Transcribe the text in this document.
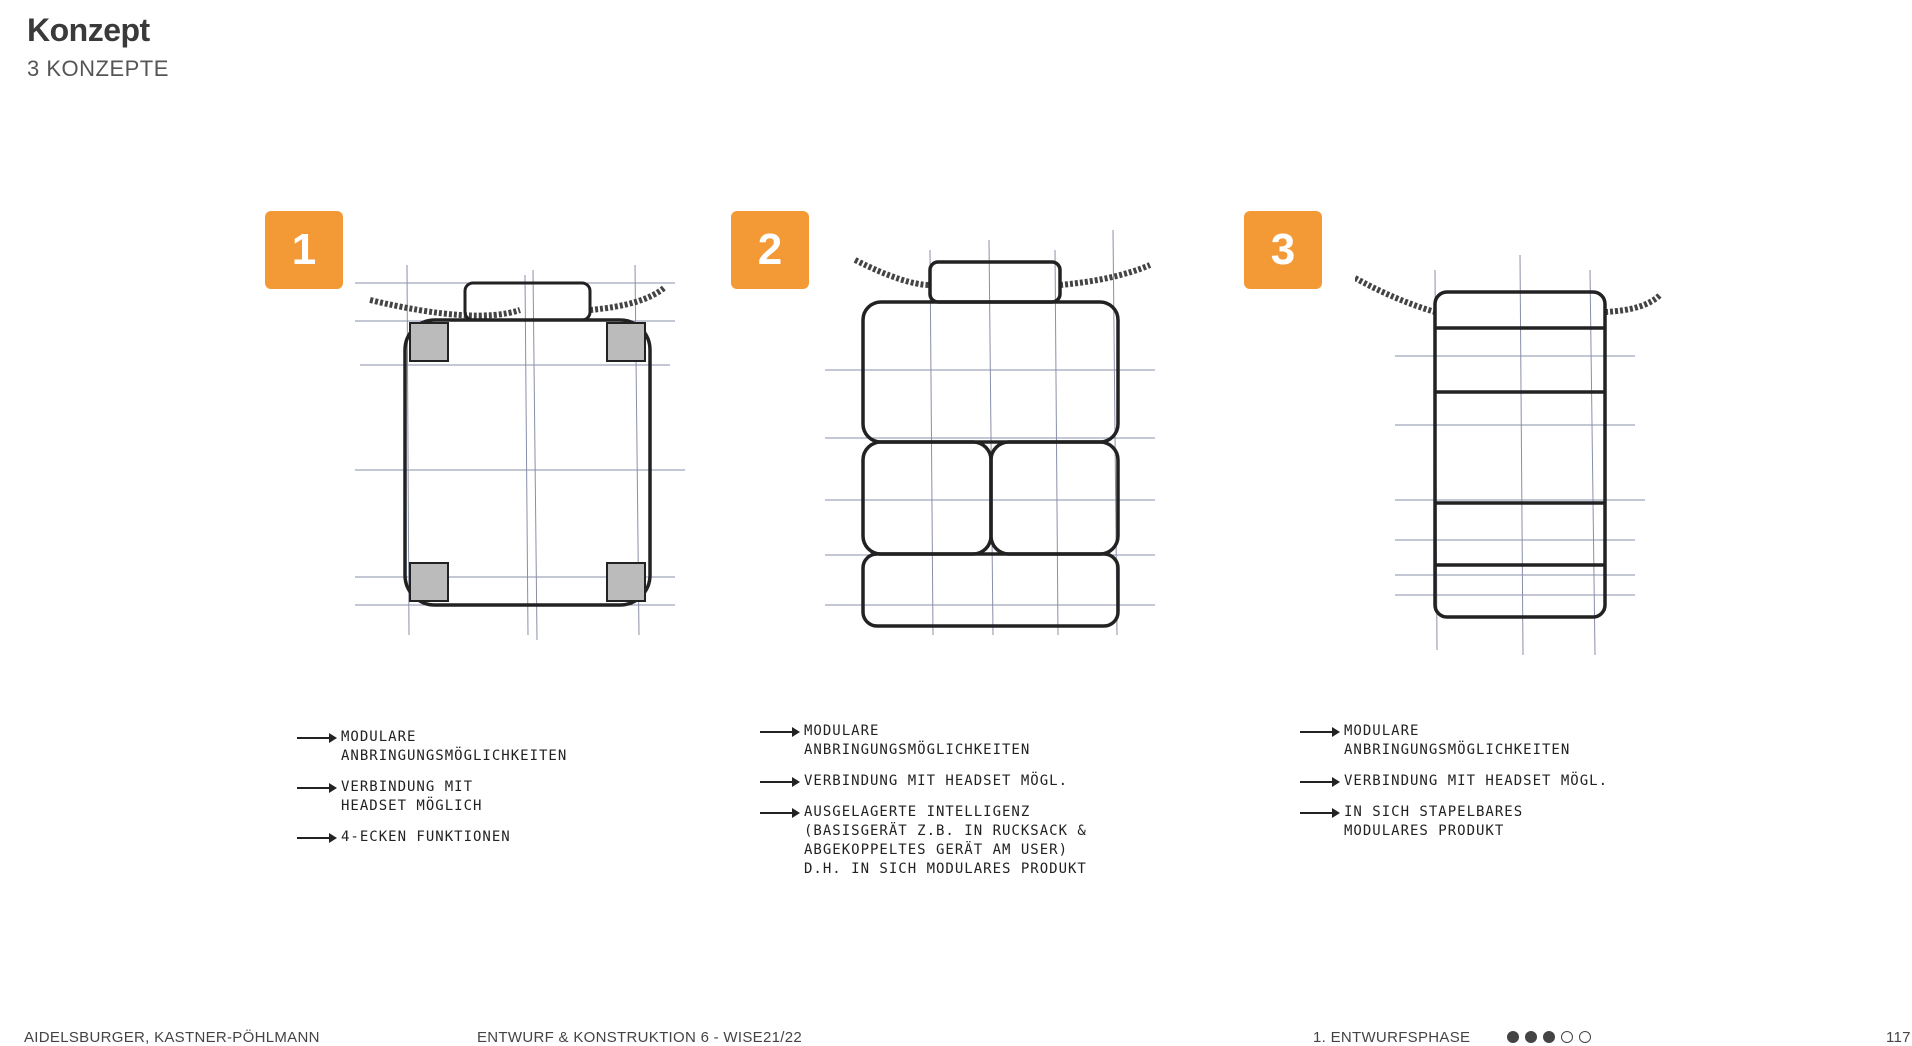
Konzept
3 KONZEPTE
1	2	3
MODULARE
ANBRINGUNGSMÖGLICHKEITEN
VERBINDUNG MIT
HEADSET MÖGLICH
4-ECKEN FUNKTIONEN
MODULARE
ANBRINGUNGSMÖGLICHKEITEN
VERBINDUNG MIT HEADSET MÖGL.
AUSGELAGERTE INTELLIGENZ
(BASISGERÄT Z.B. IN RUCKSACK &
ABGEKOPPELTES GERÄT AM USER)
D.H. IN SICH MODULARES PRODUKT
MODULARE
ANBRINGUNGSMÖGLICHKEITEN
VERBINDUNG MIT HEADSET MÖGL.
IN SICH STAPELBARES
MODULARES PRODUKT
AIDELSBURGER, KASTNER-PÖHLMANN	ENTWURF & KONSTRUKTION 6 - WISE21/22	1. ENTWURFSPHASE	117
